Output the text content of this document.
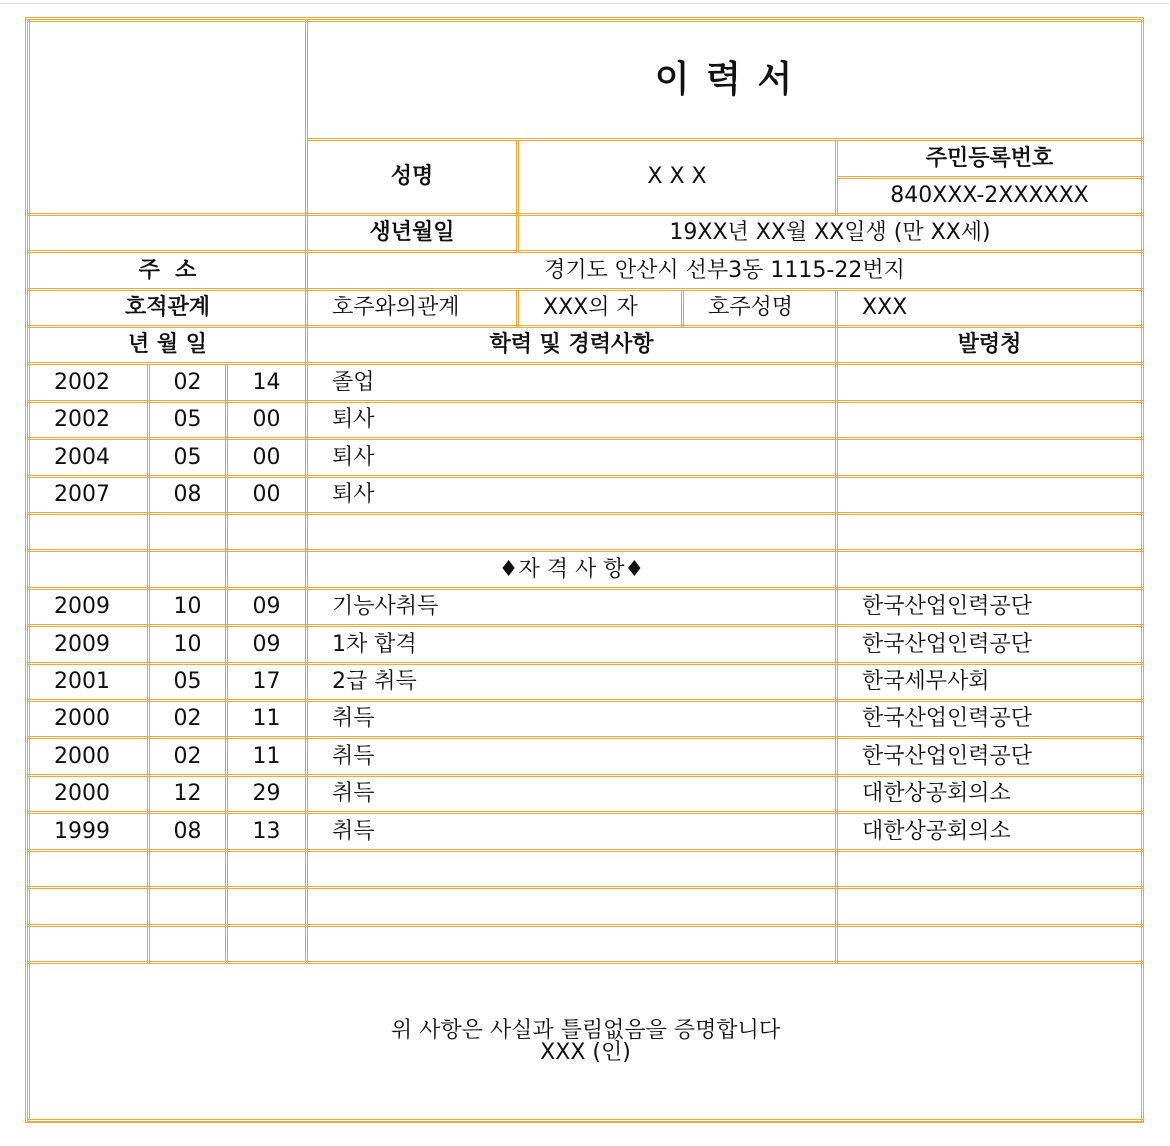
			이 력 서			
			성명	X X X		주민등록번호
						840XXX-2XXXXXX
			생년월일	19XX년 XX월 XX일생 (만 XX세)		
주  소			경기도 안산시 선부3동 1115-22번지			
호적관계			호주와의관계	XXX의 자	호주성명	XXX
년 월 일			학력 및 경력사항			발령청
2002	02	14	졸업			
2002	05	00	퇴사			
2004	05	00	퇴사			
2007	08	00	퇴사			

			♦자 격 사 항♦			
2009	10	09	기능사취득			한국산업인력공단
2009	10	09	1차 합격			한국산업인력공단
2001	05	17	2급 취득			한국세무사회
2000	02	11	취득			한국산업인력공단
2000	02	11	취득			한국산업인력공단
2000	12	29	취득			대한상공회의소
1999	08	13	취득			대한상공회의소

위 사항은 사실과 틀림없음을 증명합니다
XXX (인)						
